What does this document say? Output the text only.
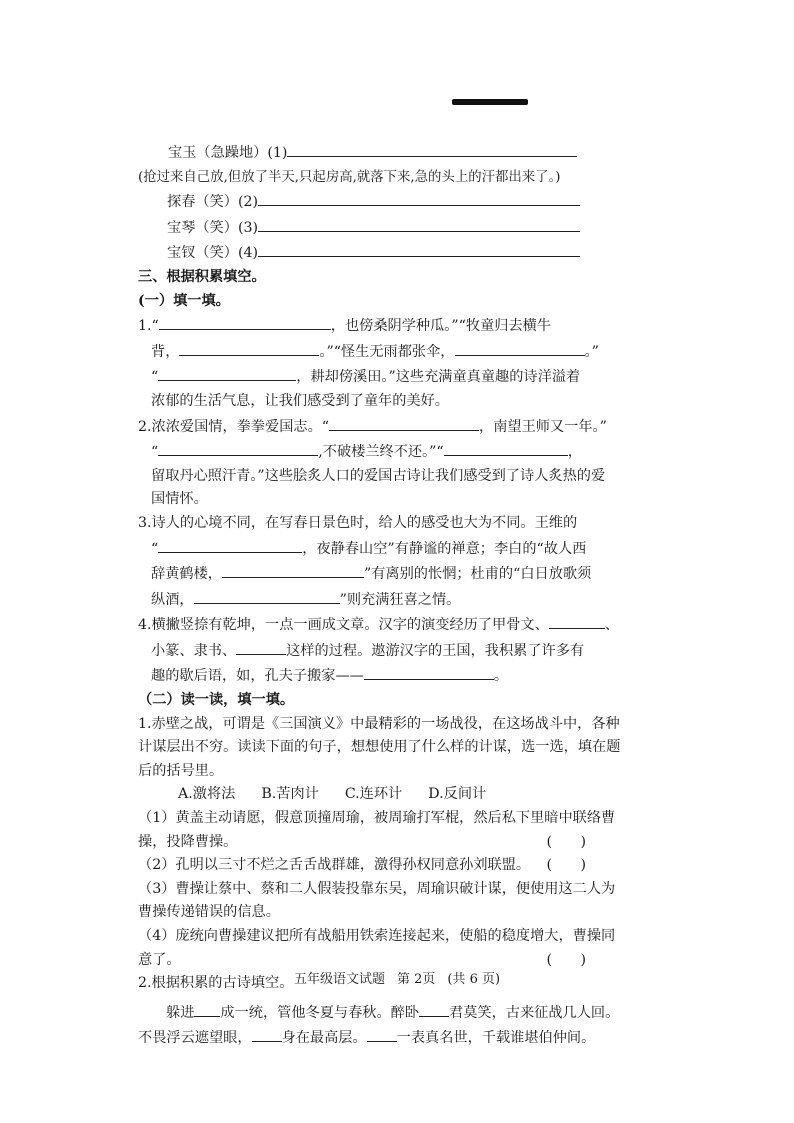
宝玉（急躁地）(1)
(抢过来自己放,但放了半天,只起房高,就落下来,急的头上的汗都出来了。)
探春（笑）(2)
宝琴（笑）(3)
宝钗（笑）(4)
三、根据积累填空。
(一）填一填。
1.“	，也傍桑阴学种瓜。”“牧童归去横牛
背，	。”“怪生无雨都张伞，	。”
“	，耕却傍溪田。”这些充满童真童趣的诗洋溢着
浓郁的生活气息，让我们感受到了童年的美好。
2.浓浓爱国情，拳拳爱国志。“	，南望王师又一年。”
“	,不破楼兰终不还。”“	，
留取丹心照汗青。”这些脍炙人口的爱国古诗让我们感受到了诗人炙热的爱
国情怀。
3.诗人的心境不同，在写春日景色时，给人的感受也大为不同。王维的
“	，夜静春山空”有静谧的禅意；李白的“故人西
辞黄鹤楼，	”有离别的怅惘；杜甫的“白日放歌须
纵酒，	”则充满狂喜之情。
4.横撇竖捺有乾坤，一点一画成文章。汉字的演变经历了甲骨文、	、
小篆、隶书、	这样的过程。遨游汉字的王国，我积累了许多有
趣的歇后语，如，孔夫子搬家——	。
（二）读一读，填一填。
1.赤壁之战，可谓是《三国演义》中最精彩的一场战役，在这场战斗中，各种
计谋层出不穷。读读下面的句子，想想使用了什么样的计谋，选一选，填在题
后的括号里。
A.激将法 B.苦肉计 C.连环计 D.反间计
（1）黄盖主动请愿，假意顶撞周瑜，被周瑜打军棍，然后私下里暗中联络曹
操，投降曹操。	(　　)
（2）孔明以三寸不烂之舌舌战群雄，激得孙权同意孙刘联盟。 (　　)
（3）曹操让蔡中、蔡和二人假装投靠东吴，周瑜识破计谋，便使用这二人为
曹操传递错误的信息。
（4）庞统向曹操建议把所有战船用铁索连接起来，使船的稳度增大，曹操同
意了。	(　　)
2.根据积累的古诗填空。
躲进 成一统，管他冬夏与春秋。醉卧 君莫笑，古来征战几人回。
不畏浮云遮望眼， 身在最高层。 一表真名世，千载谁堪伯仲间。
五年级语文试题 第 2页 (共 6 页)
